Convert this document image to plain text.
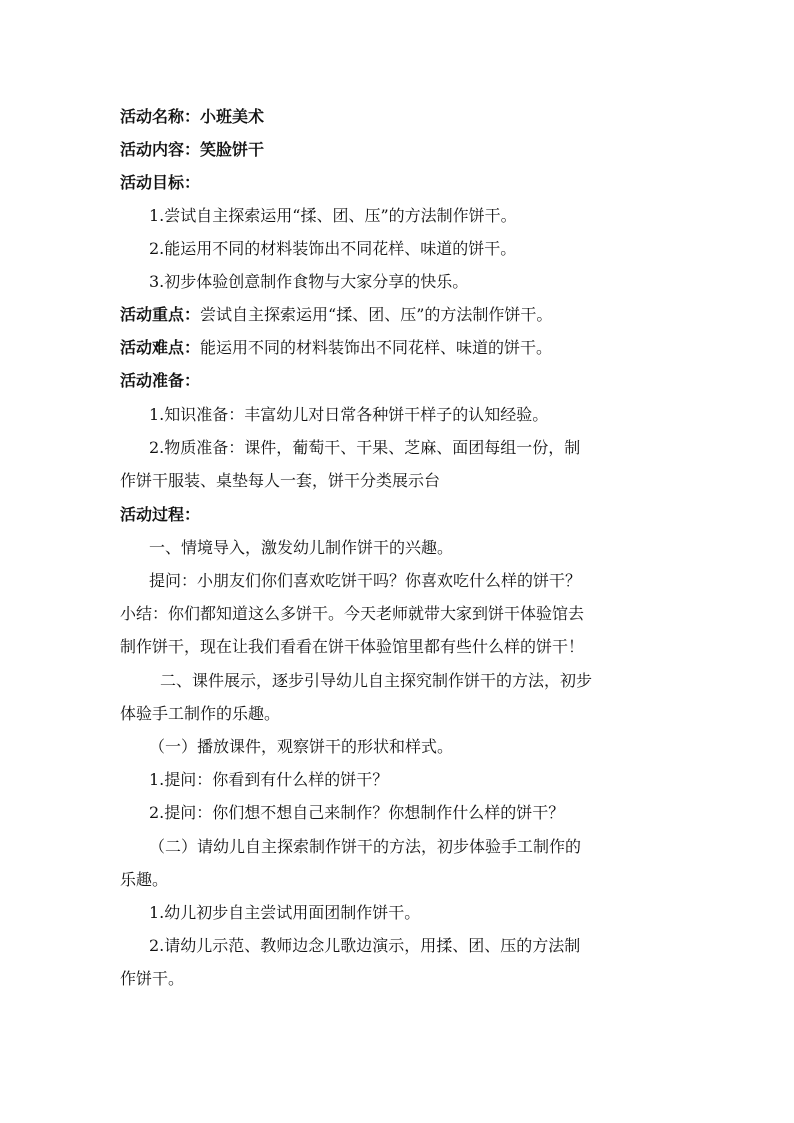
活动名称：小班美术
活动内容：笑脸饼干
活动目标：
1.尝试自主探索运用“揉、团、压”的方法制作饼干。
2.能运用不同的材料装饰出不同花样、味道的饼干。
3.初步体验创意制作食物与大家分享的快乐。
活动重点：尝试自主探索运用“揉、团、压”的方法制作饼干。
活动难点：能运用不同的材料装饰出不同花样、味道的饼干。
活动准备：
1.知识准备：丰富幼儿对日常各种饼干样子的认知经验。
2.物质准备：课件，葡萄干、干果、芝麻、面团每组一份，制
作饼干服装、桌垫每人一套，饼干分类展示台
活动过程：
一、情境导入，激发幼儿制作饼干的兴趣。
提问：小朋友们你们喜欢吃饼干吗？你喜欢吃什么样的饼干？
小结：你们都知道这么多饼干。今天老师就带大家到饼干体验馆去
制作饼干，现在让我们看看在饼干体验馆里都有些什么样的饼干！
二、课件展示，逐步引导幼儿自主探究制作饼干的方法，初步
体验手工制作的乐趣。
（一）播放课件，观察饼干的形状和样式。
1.提问：你看到有什么样的饼干？
2.提问：你们想不想自己来制作？你想制作什么样的饼干？
（二）请幼儿自主探索制作饼干的方法，初步体验手工制作的
乐趣。
1.幼儿初步自主尝试用面团制作饼干。
2.请幼儿示范、教师边念儿歌边演示，用揉、团、压的方法制
作饼干。
